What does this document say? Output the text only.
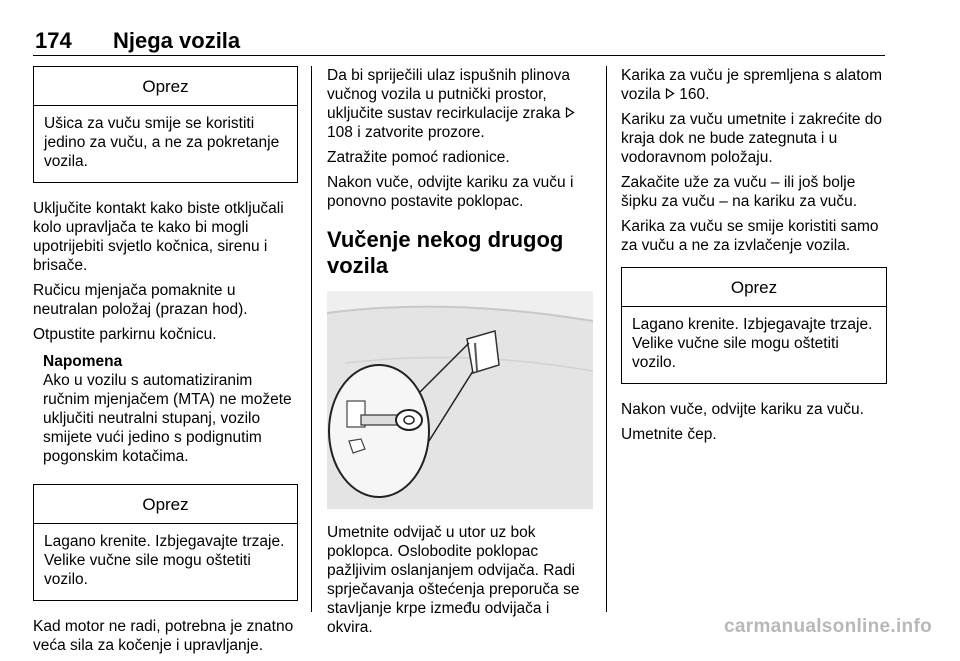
174 Njega vozila
Oprez
Ušica za vuču smije se koristiti jedino za vuču, a ne za pokretanje vozila.

Uključite kontakt kako biste otključali kolo upravljača te kako bi mogli upotrijebiti svjetlo kočnica, sirenu i brisače.

Ručicu mjenjača pomaknite u neutralan položaj (prazan hod).

Otpustite parkirnu kočnicu.

Napomena
Ako u vozilu s automatiziranim ručnim mjenjačem (MTA) ne možete uključiti neutralni stupanj, vozilo smijete vući jedino s podignutim pogonskim kotačima.
Oprez
Lagano krenite. Izbjegavajte trzaje. Velike vučne sile mogu oštetiti vozilo.

Kad motor ne radi, potrebna je znatno veća sila za kočenje i upravljanje.

Da bi spriječili ulaz ispušnih plinova vučnog vozila u putnički prostor, uključite sustav recirkulacije zraka  108 i zatvorite prozore.

Zatražite pomoć radionice.

Nakon vuče, odvijte kariku za vuču i ponovno postavite poklopac.

Vučenje nekog drugog vozila

Umetnite odvijač u utor uz bok poklopca. Oslobodite poklopac pažljivim oslanjanjem odvijača. Radi sprječavanja oštećenja preporuča se stavljanje krpe između odvijača i okvira.

Karika za vuču je spremljena s alatom vozila 160.

Kariku za vuču umetnite i zakrećite do kraja dok ne bude zategnuta i u vodoravnom položaju.

Zakačite uže za vuču – ili još bolje šipku za vuču – na kariku za vuču.

Karika za vuču se smije koristiti samo za vuču a ne za izvlačenje vozila.

Oprez
Lagano krenite. Izbjegavajte trzaje. Velike vučne sile mogu oštetiti vozilo.

Nakon vuče, odvijte kariku za vuču.

Umetnite čep.

carmanualsonline.info
